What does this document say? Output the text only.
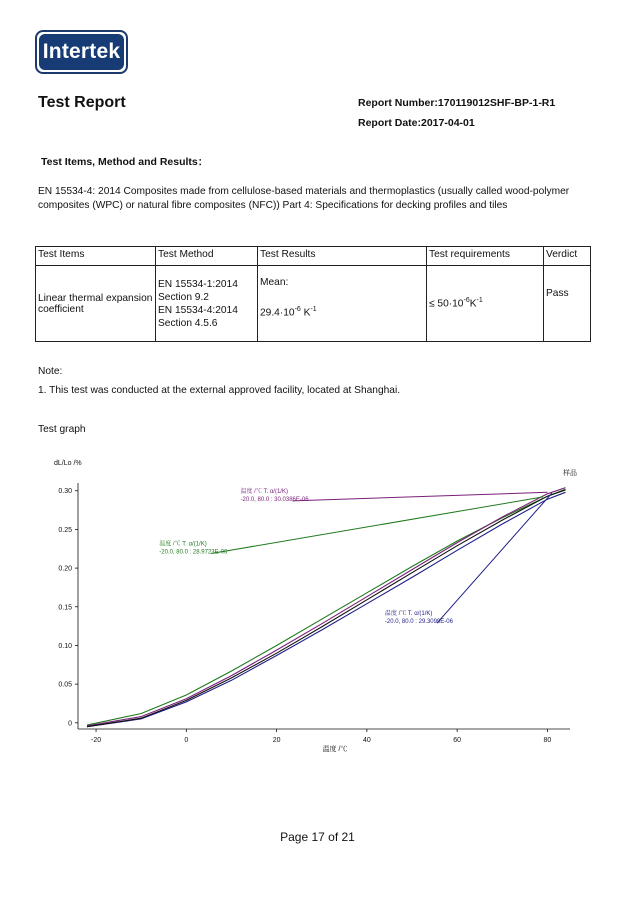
Intertek
Test Report	Report Number:170119012SHF-BP-1-R1
Report Date:2017-04-01
Test Items, Method and Results：
EN 15534-4: 2014 Composites made from cellulose-based materials and thermoplastics (usually called wood-polymer composites (WPC) or natural fibre composites (NFC)) Part 4: Specifications for decking profiles and tiles
Test Items	Test Method	Test Results	Test requirements	Verdict
Linear thermal expansion coefficient	EN 15534-1:2014
Section 9.2
EN 15534-4:2014
Section 4.5.6	Mean:
$29.4\cdot 10^{-6}$ $K^{-1}$	≤ $50\cdot 10^{-6}K^{-1}$	Pass
Note:
1. This test was conducted at the external approved facility, located at Shanghai.
Test graph
0
0.05
0.10
0.15
0.20
0.25
0.30
-20	0	20	40	60	80
dL/Lo /%
温度 /℃
样品
温度 /℃ T. α/(1/K)
-20.0, 80.0 : 30.0386E-06
温度 /℃ T. α/(1/K)
-20.0, 80.0 : 28.9723E-06
温度 /℃ T. α/(1/K)
-20.0, 80.0 : 29.3099E-06
Page 17 of 21
